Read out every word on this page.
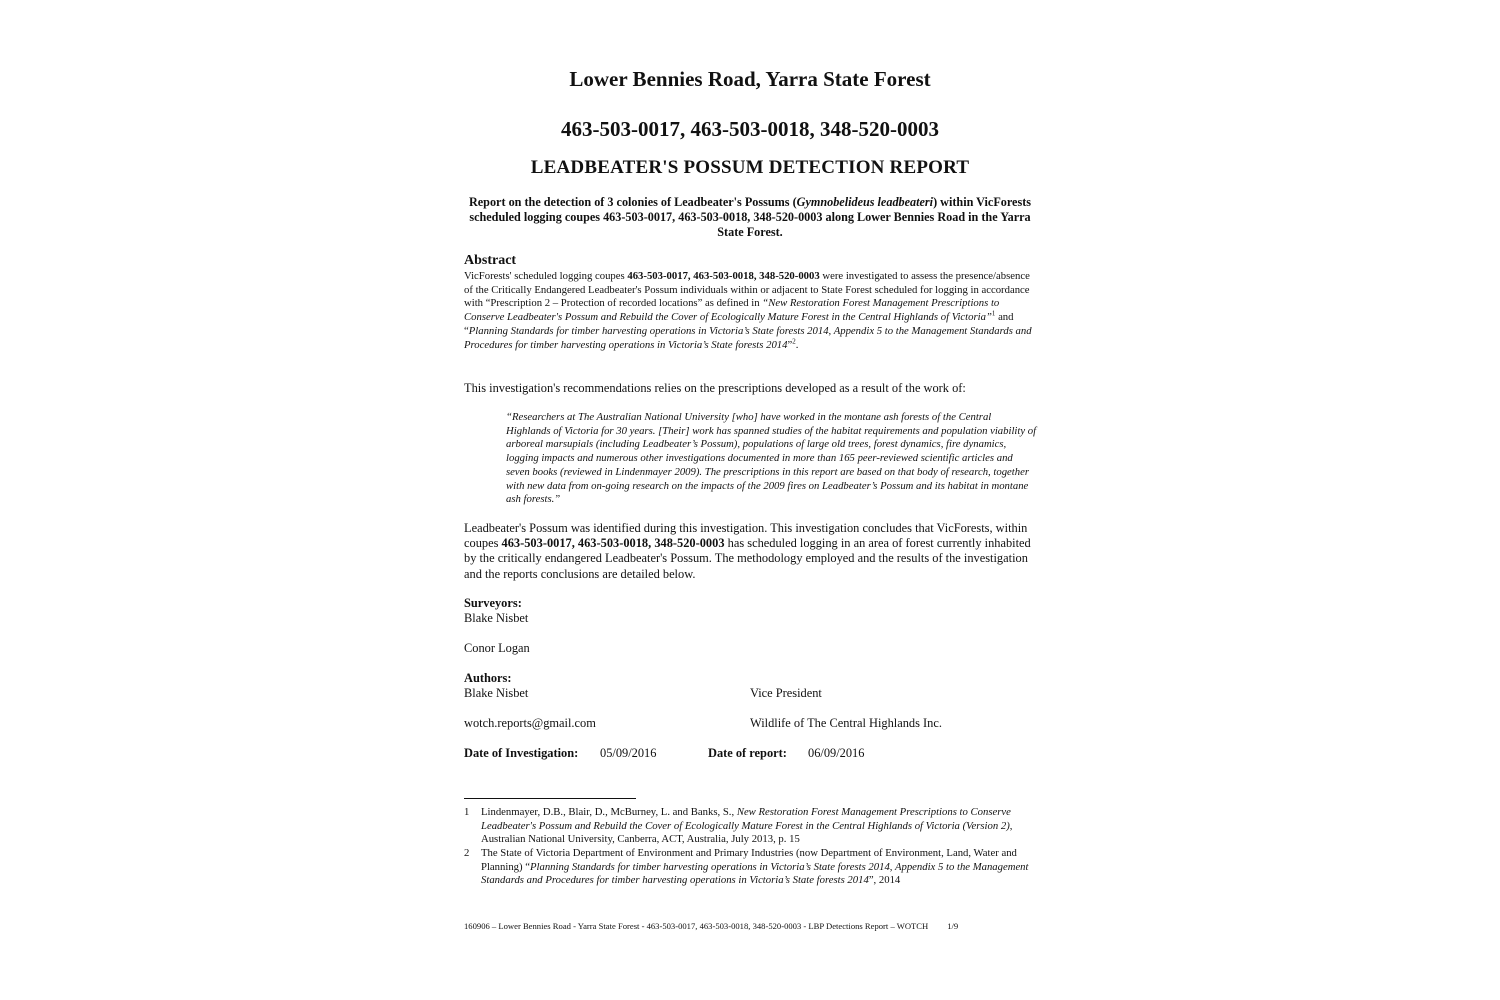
Lower Bennies Road, Yarra State Forest
463-503-0017, 463-503-0018, 348-520-0003
LEADBEATER'S POSSUM DETECTION REPORT

Report on the detection of 3 colonies of Leadbeater's Possums (Gymnobelideus leadbeateri) within VicForests scheduled logging coupes 463-503-0017, 463-503-0018, 348-520-0003 along Lower Bennies Road in the Yarra State Forest.

Abstract

VicForests' scheduled logging coupes 463-503-0017, 463-503-0018, 348-520-0003 were investigated to assess the presence/absence of the Critically Endangered Leadbeater's Possum individuals within or adjacent to State Forest scheduled for logging in accordance with “Prescription 2 – Protection of recorded locations” as defined in “New Restoration Forest Management Prescriptions to Conserve Leadbeater's Possum and Rebuild the Cover of Ecologically Mature Forest in the Central Highlands of Victoria”$^1$ and “Planning Standards for timber harvesting operations in Victoria’s State forests 2014, Appendix 5 to the Management Standards and Procedures for timber harvesting operations in Victoria’s State forests 2014”$^2$.

This investigation's recommendations relies on the prescriptions developed as a result of the work of:

“Researchers at The Australian National University [who] have worked in the montane ash forests of the Central Highlands of Victoria for 30 years. [Their] work has spanned studies of the habitat requirements and population viability of arboreal marsupials (including Leadbeater’s Possum), populations of large old trees, forest dynamics, fire dynamics, logging impacts and numerous other investigations documented in more than 165 peer-reviewed scientific articles and seven books (reviewed in Lindenmayer 2009). The prescriptions in this report are based on that body of research, together with new data from on-going research on the impacts of the 2009 fires on Leadbeater’s Possum and its habitat in montane ash forests.”

Leadbeater's Possum was identified during this investigation. This investigation concludes that VicForests, within coupes 463-503-0017, 463-503-0018, 348-520-0003 has scheduled logging in an area of forest currently inhabited by the critically endangered Leadbeater's Possum. The methodology employed and the results of the investigation and the reports conclusions are detailed below.

Surveyors:
Blake Nisbet
Conor Logan
Authors:
Blake Nisbet	Vice President
wotch.reports@gmail.com	Wildlife of The Central Highlands Inc.
Date of Investigation: 05/09/2016	Date of report: 06/09/2016
1 Lindenmayer, D.B., Blair, D., McBurney, L. and Banks, S., New Restoration Forest Management Prescriptions to Conserve Leadbeater's Possum and Rebuild the Cover of Ecologically Mature Forest in the Central Highlands of Victoria (Version 2), Australian National University, Canberra, ACT, Australia, July 2013, p. 15
2 The State of Victoria Department of Environment and Primary Industries (now Department of Environment, Land, Water and Planning) “Planning Standards for timber harvesting operations in Victoria’s State forests 2014, Appendix 5 to the Management Standards and Procedures for timber harvesting operations in Victoria’s State forests 2014”, 2014
160906 – Lower Bennies Road - Yarra State Forest - 463-503-0017, 463-503-0018, 348-520-0003 - LBP Detections Report – WOTCH 1/9
